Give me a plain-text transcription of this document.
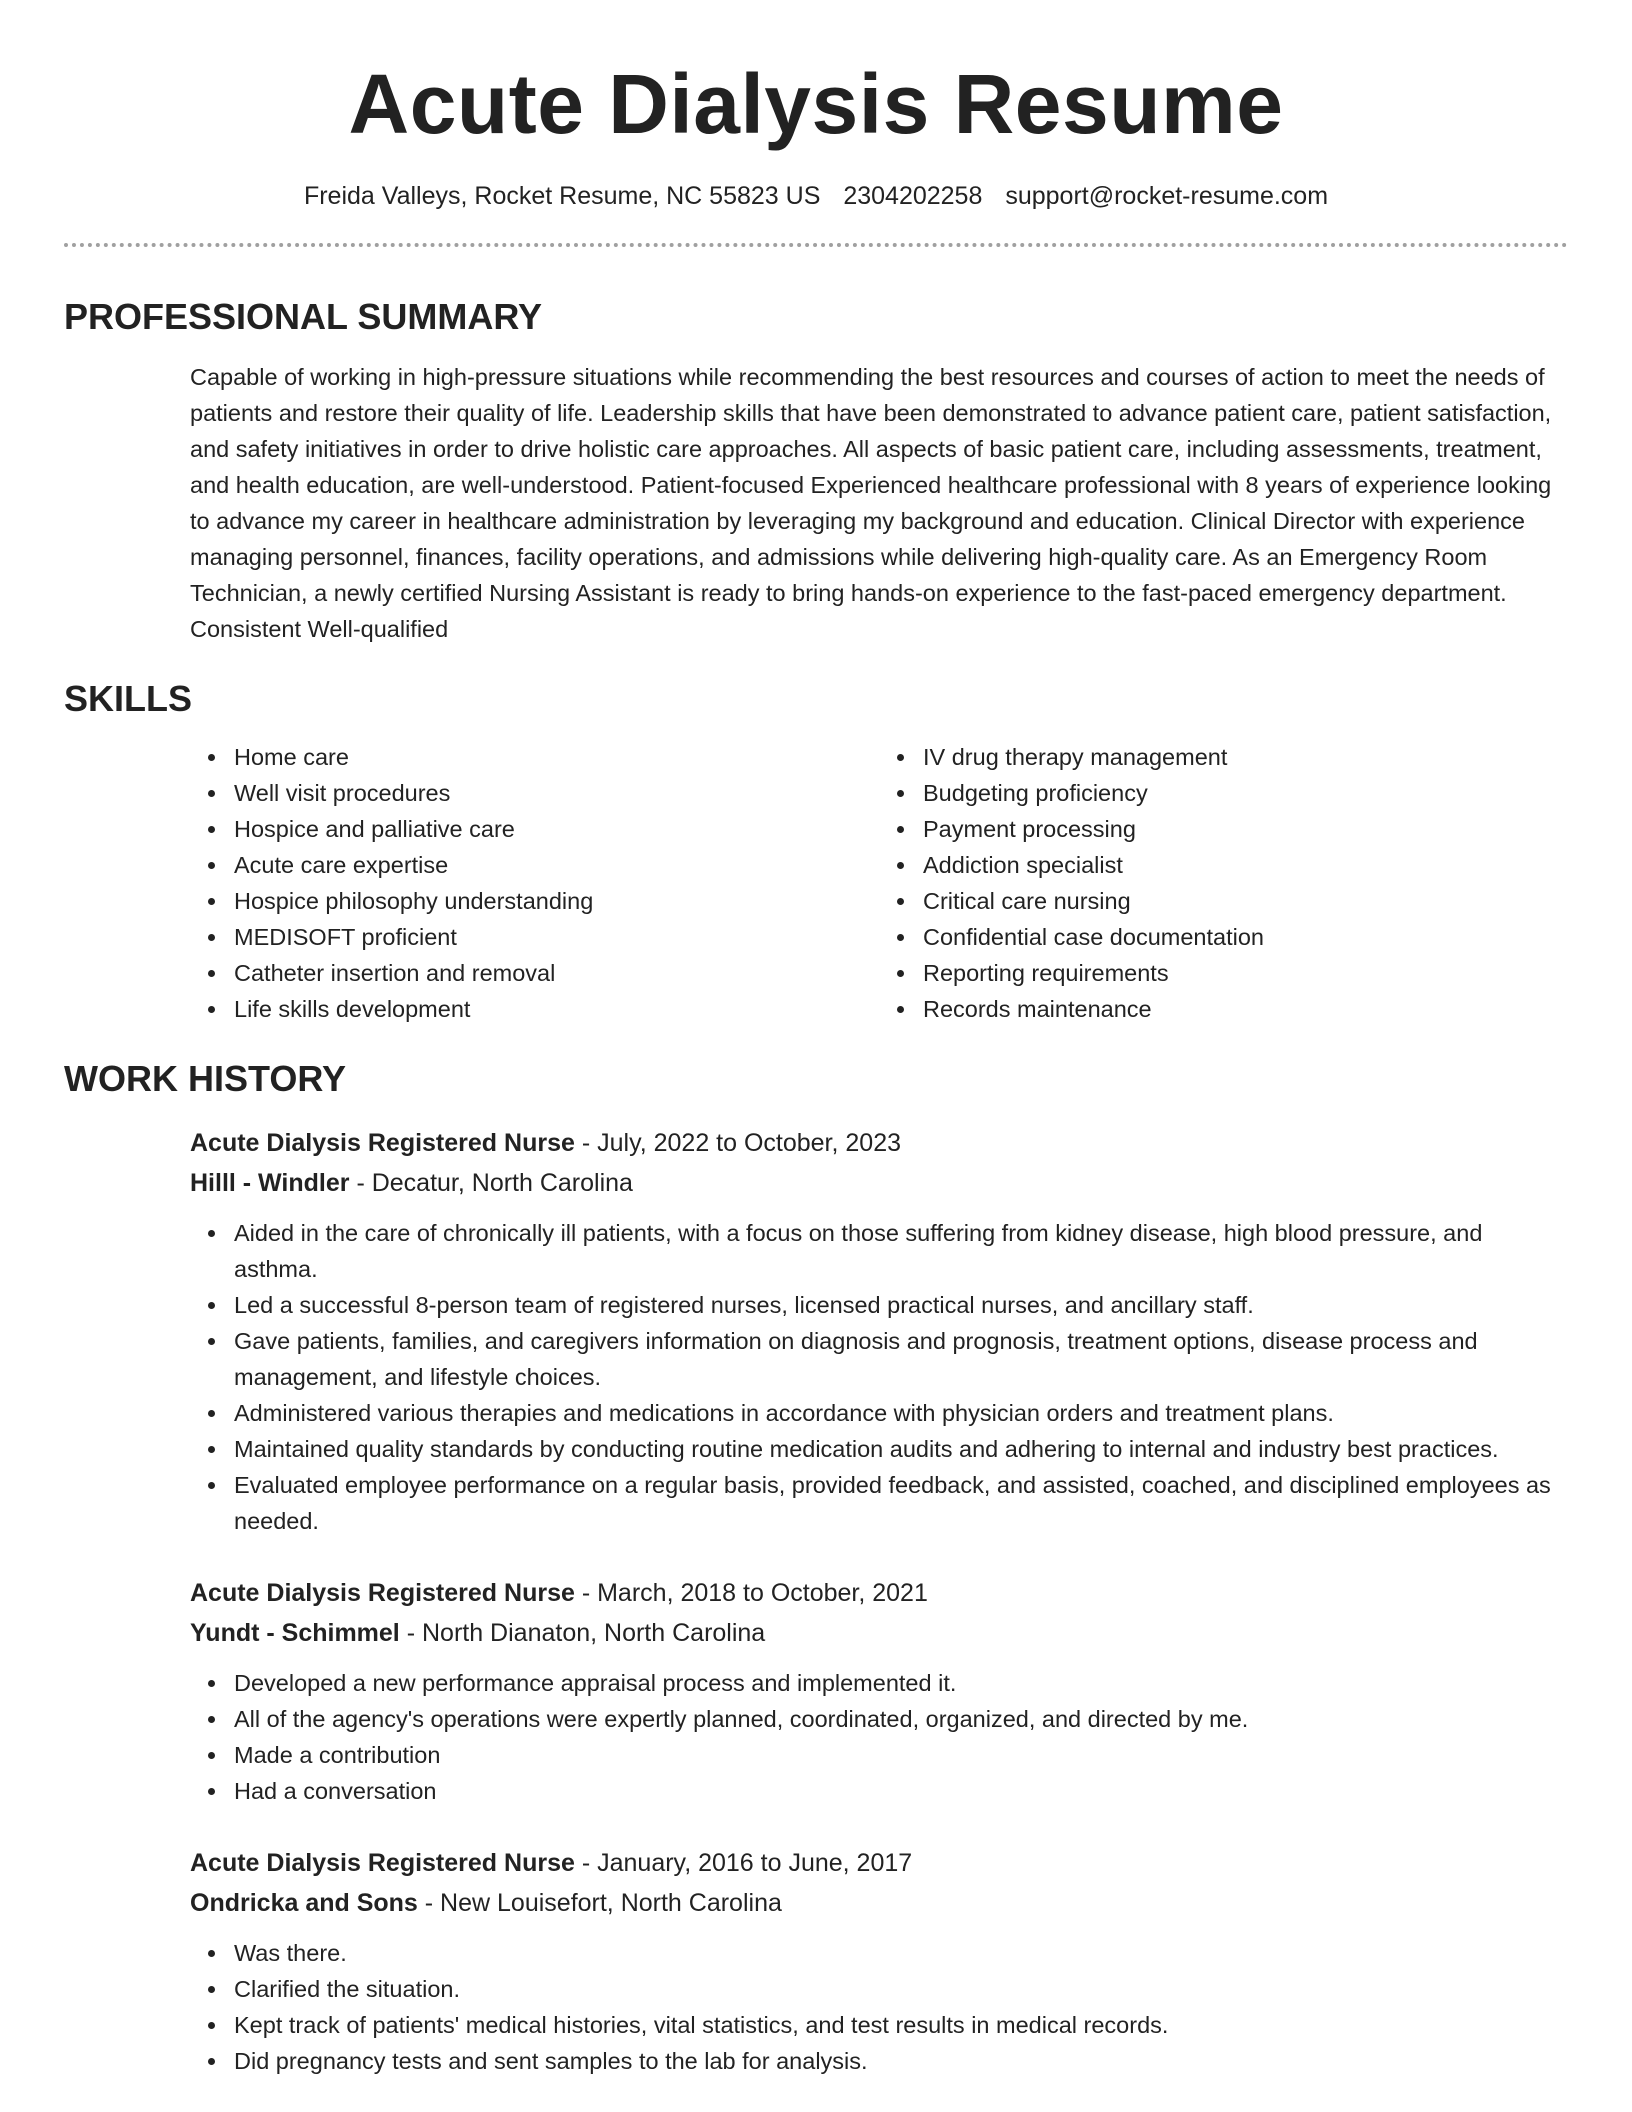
Acute Dialysis Resume
Freida Valleys, Rocket Resume, NC 55823 US 2304202258 support@rocket-resume.com
PROFESSIONAL SUMMARY

Capable of working in high-pressure situations while recommending the best resources and courses of action to meet the needs of patients and restore their quality of life. Leadership skills that have been demonstrated to advance patient care, patient satisfaction, and safety initiatives in order to drive holistic care approaches. All aspects of basic patient care, including assessments, treatment, and health education, are well-understood. Patient-focused Experienced healthcare professional with 8 years of experience looking to advance my career in healthcare administration by leveraging my background and education. Clinical Director with experience managing personnel, finances, facility operations, and admissions while delivering high-quality care. As an Emergency Room Technician, a newly certified Nursing Assistant is ready to bring hands-on experience to the fast-paced emergency department. Consistent Well-qualified

SKILLS
Home care
Well visit procedures
Hospice and palliative care
Acute care expertise
Hospice philosophy understanding
MEDISOFT proficient
Catheter insertion and removal
Life skills development
IV drug therapy management
Budgeting proficiency
Payment processing
Addiction specialist
Critical care nursing
Confidential case documentation
Reporting requirements
Records maintenance
WORK HISTORY
Acute Dialysis Registered Nurse - July, 2022 to October, 2023
Hilll - Windler - Decatur, North Carolina
Aided in the care of chronically ill patients, with a focus on those suffering from kidney disease, high blood pressure, and asthma.
Led a successful 8-person team of registered nurses, licensed practical nurses, and ancillary staff.
Gave patients, families, and caregivers information on diagnosis and prognosis, treatment options, disease process and management, and lifestyle choices.
Administered various therapies and medications in accordance with physician orders and treatment plans.
Maintained quality standards by conducting routine medication audits and adhering to internal and industry best practices.
Evaluated employee performance on a regular basis, provided feedback, and assisted, coached, and disciplined employees as needed.
Acute Dialysis Registered Nurse - March, 2018 to October, 2021
Yundt - Schimmel - North Dianaton, North Carolina
Developed a new performance appraisal process and implemented it.
All of the agency's operations were expertly planned, coordinated, organized, and directed by me.
Made a contribution
Had a conversation
Acute Dialysis Registered Nurse - January, 2016 to June, 2017
Ondricka and Sons - New Louisefort, North Carolina
Was there.
Clarified the situation.
Kept track of patients' medical histories, vital statistics, and test results in medical records.
Did pregnancy tests and sent samples to the lab for analysis.
